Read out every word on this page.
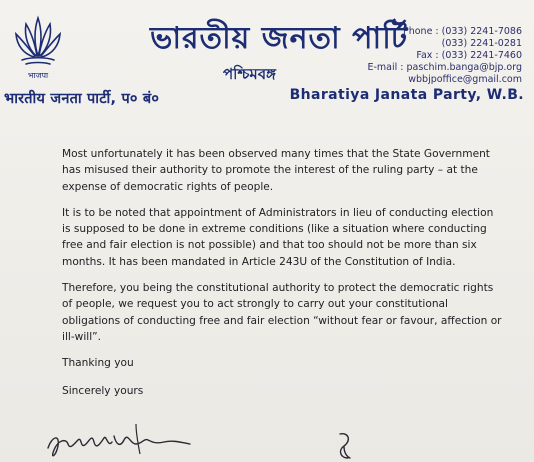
भाजपा
ভারতীয় জনতা পার্টি
পশ্চিমবঙ্গ
Phone : (033) 2241-7086
(033) 2241-0281
Fax : (033) 2241-7460
E-mail : paschim.banga@bjp.org
wbbjpoffice@gmail.com
भारतीय जनता पार्टी, प० बं०	Bharatiya Janata Party, W.B.

Most unfortunately it has been observed many times that the State Government has misused their authority to promote the interest of the ruling party – at the expense of democratic rights of people.

It is to be noted that appointment of Administrators in lieu of conducting election is supposed to be done in extreme conditions (like a situation where conducting free and fair election is not possible) and that too should not be more than six months. It has been mandated in Article 243U of the Constitution of India.

Therefore, you being the constitutional authority to protect the democratic rights of people, we request you to act strongly to carry out your constitutional obligations of conducting free and fair election “without fear or favour, affection or ill-will”.

Thanking you

Sincerely yours
